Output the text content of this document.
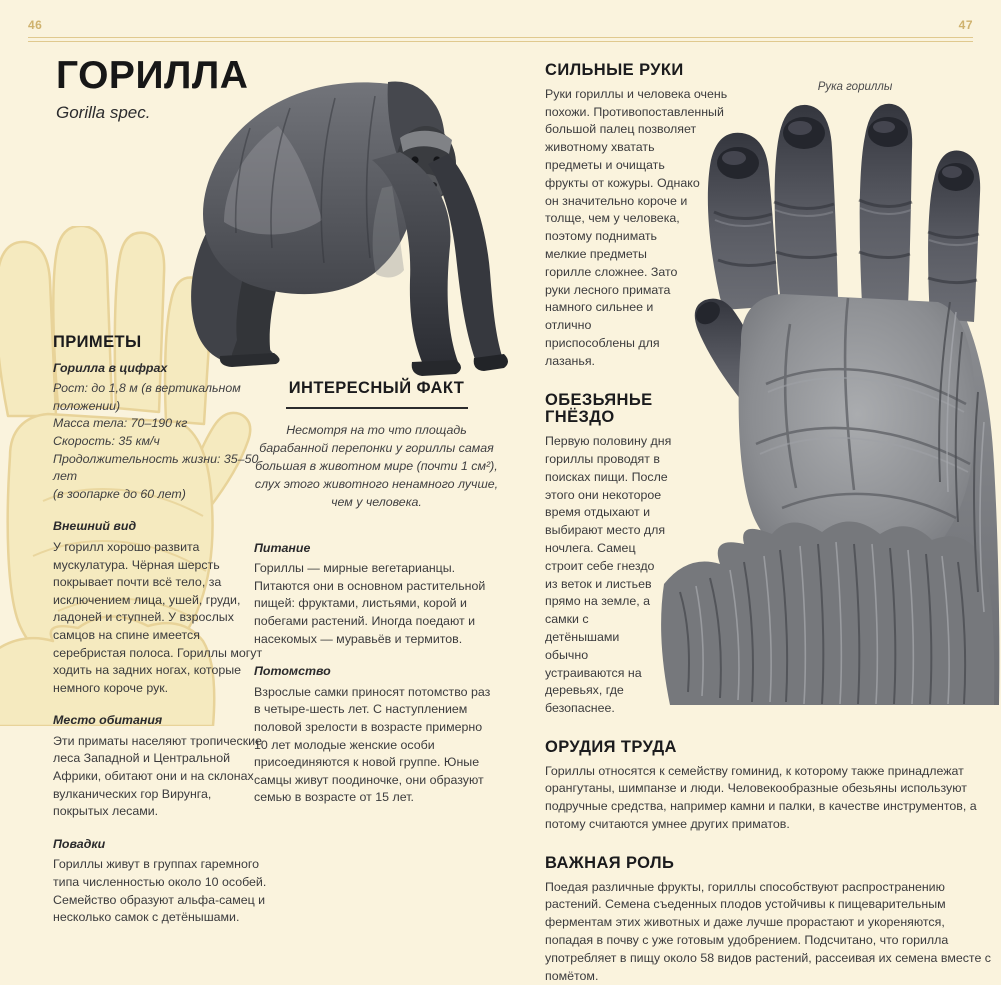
46	47
ГОРИЛЛА
Gorilla spec.
ПРИМЕТЫ
Горилла в цифрах
Рост: до 1,8 м (в вертикальном положении)
Масса тела: 70–190 кг
Скорость: 35 км/ч
Продолжительность жизни: 35–50 лет
(в зоопарке до 60 лет)
Внешний вид

У горилл хорошо развита мускулатура. Чёрная шерсть покрывает почти всё тело, за исключением лица, ушей, груди, ладоней и ступней. У взрослых самцов на спине имеется серебристая полоса. Гориллы могут ходить на задних ногах, которые немного короче рук.

Место обитания

Эти приматы населяют тропические леса Западной и Центральной Африки, обитают они и на склонах вулканических гор Вирунга, покрытых лесами.

Повадки

Гориллы живут в группах гаремного типа численностью около 10 особей. Семейство образуют альфа-самец и несколько самок с детёнышами.

ИНТЕРЕСНЫЙ ФАКТ

Несмотря на то что площадь барабанной перепонки у гориллы самая большая в животном мире (почти 1 см²), слух этого животного ненамного лучше, чем у человека.

Питание

Гориллы — мирные вегетарианцы. Питаются они в основном растительной пищей: фруктами, листьями, корой и побегами растений. Иногда поедают и насекомых — муравьёв и термитов.

Потомство

Взрослые самки приносят потомство раз в четыре-шесть лет. С наступлением половой зрелости в возрасте примерно 10 лет молодые женские особи присоединяются к новой группе. Юные самцы живут поодиночке, они образуют семью в возрасте от 15 лет.

Рука гориллы
СИЛЬНЫЕ РУКИ

Руки гориллы и человека очень похожи. Противопоставленный большой палец позволяет животному хватать предметы и очищать фрукты от кожуры. Однако он значительно короче и толще, чем у человека, поэтому поднимать мелкие предметы горилле сложнее. Зато руки лесного примата намного сильнее и отлично приспособлены для лазанья.

ОБЕЗЬЯНЬЕ ГНЁЗДО

Первую половину дня гориллы проводят в поисках пищи. После этого они некоторое время отдыхают и выбирают место для ночлега. Самец строит себе гнездо из веток и листьев прямо на земле, а самки с детёнышами обычно устраиваются на деревьях, где безопаснее.

ОРУДИЯ ТРУДА

Гориллы относятся к семейству гоминид, к которому также принадлежат орангутаны, шимпанзе и люди. Человекообразные обезьяны используют подручные средства, например камни и палки, в качестве инструментов, а потому считаются умнее других приматов.

ВАЖНАЯ РОЛЬ

Поедая различные фрукты, гориллы способствуют распространению растений. Семена съеденных плодов устойчивы к пищеварительным ферментам этих животных и даже лучше прорастают и укореняются, попадая в почву с уже готовым удобрением. Подсчитано, что горилла употребляет в пищу около 58 видов растений, рассеивая их семена вместе с помётом.
